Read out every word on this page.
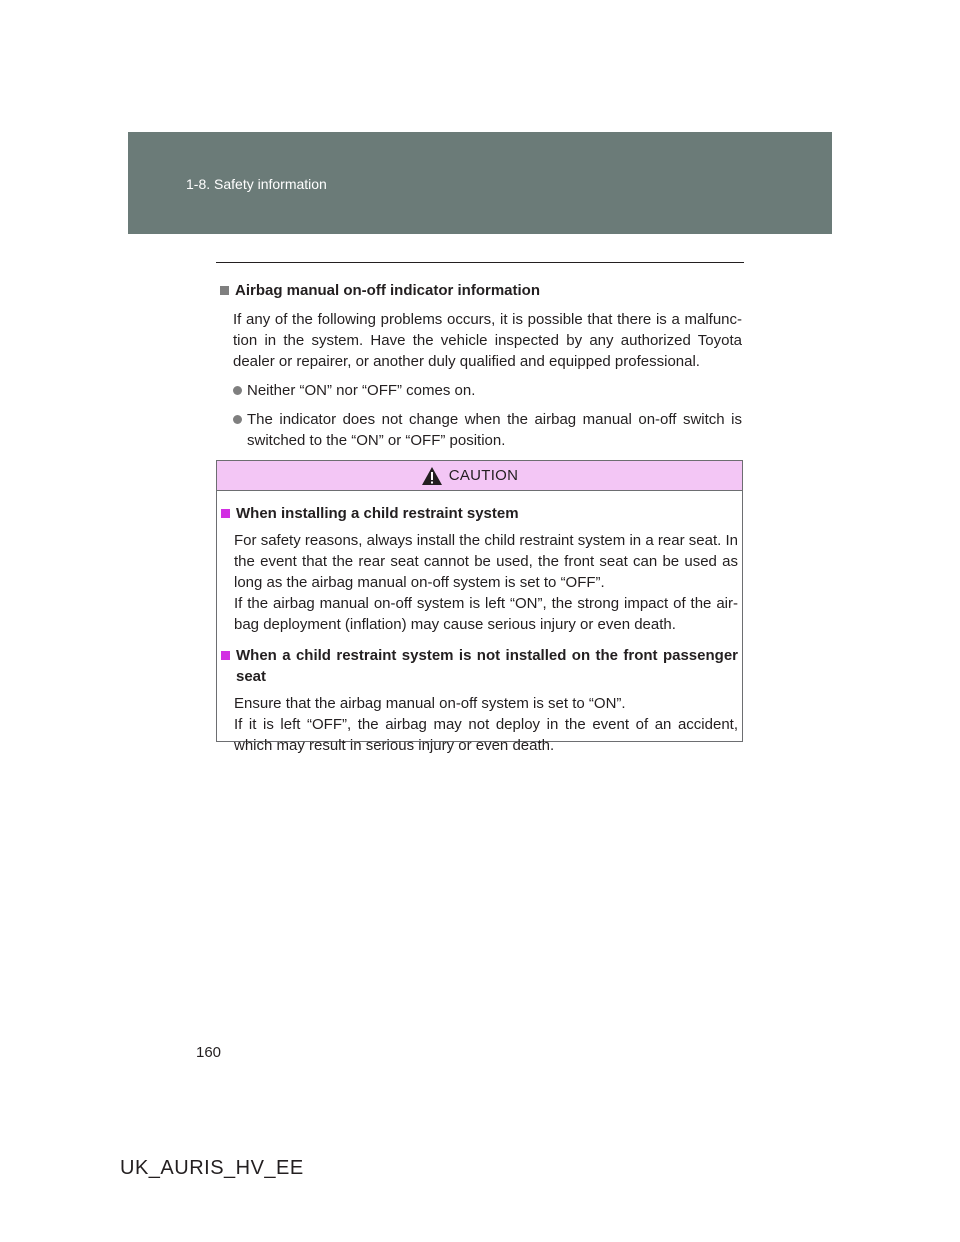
1-8. Safety information
Airbag manual on-off indicator information
If any of the following problems occurs, it is possible that there is a malfunc-tion in the system. Have the vehicle inspected by any authorized Toyota dealer or repairer, or another duly qualified and equipped professional.
Neither “ON” nor “OFF” comes on.
The indicator does not change when the airbag manual on-off switch is switched to the “ON” or “OFF” position.
CAUTION
When installing a child restraint system
For safety reasons, always install the child restraint system in a rear seat. In the event that the rear seat cannot be used, the front seat can be used as long as the airbag manual on-off system is set to “OFF”.
If the airbag manual on-off system is left “ON”, the strong impact of the air-bag deployment (inflation) may cause serious injury or even death.
When a child restraint system is not installed on the front passenger seat
Ensure that the airbag manual on-off system is set to “ON”.
If it is left “OFF”, the airbag may not deploy in the event of an accident, which may result in serious injury or even death.
160
UK_AURIS_HV_EE
